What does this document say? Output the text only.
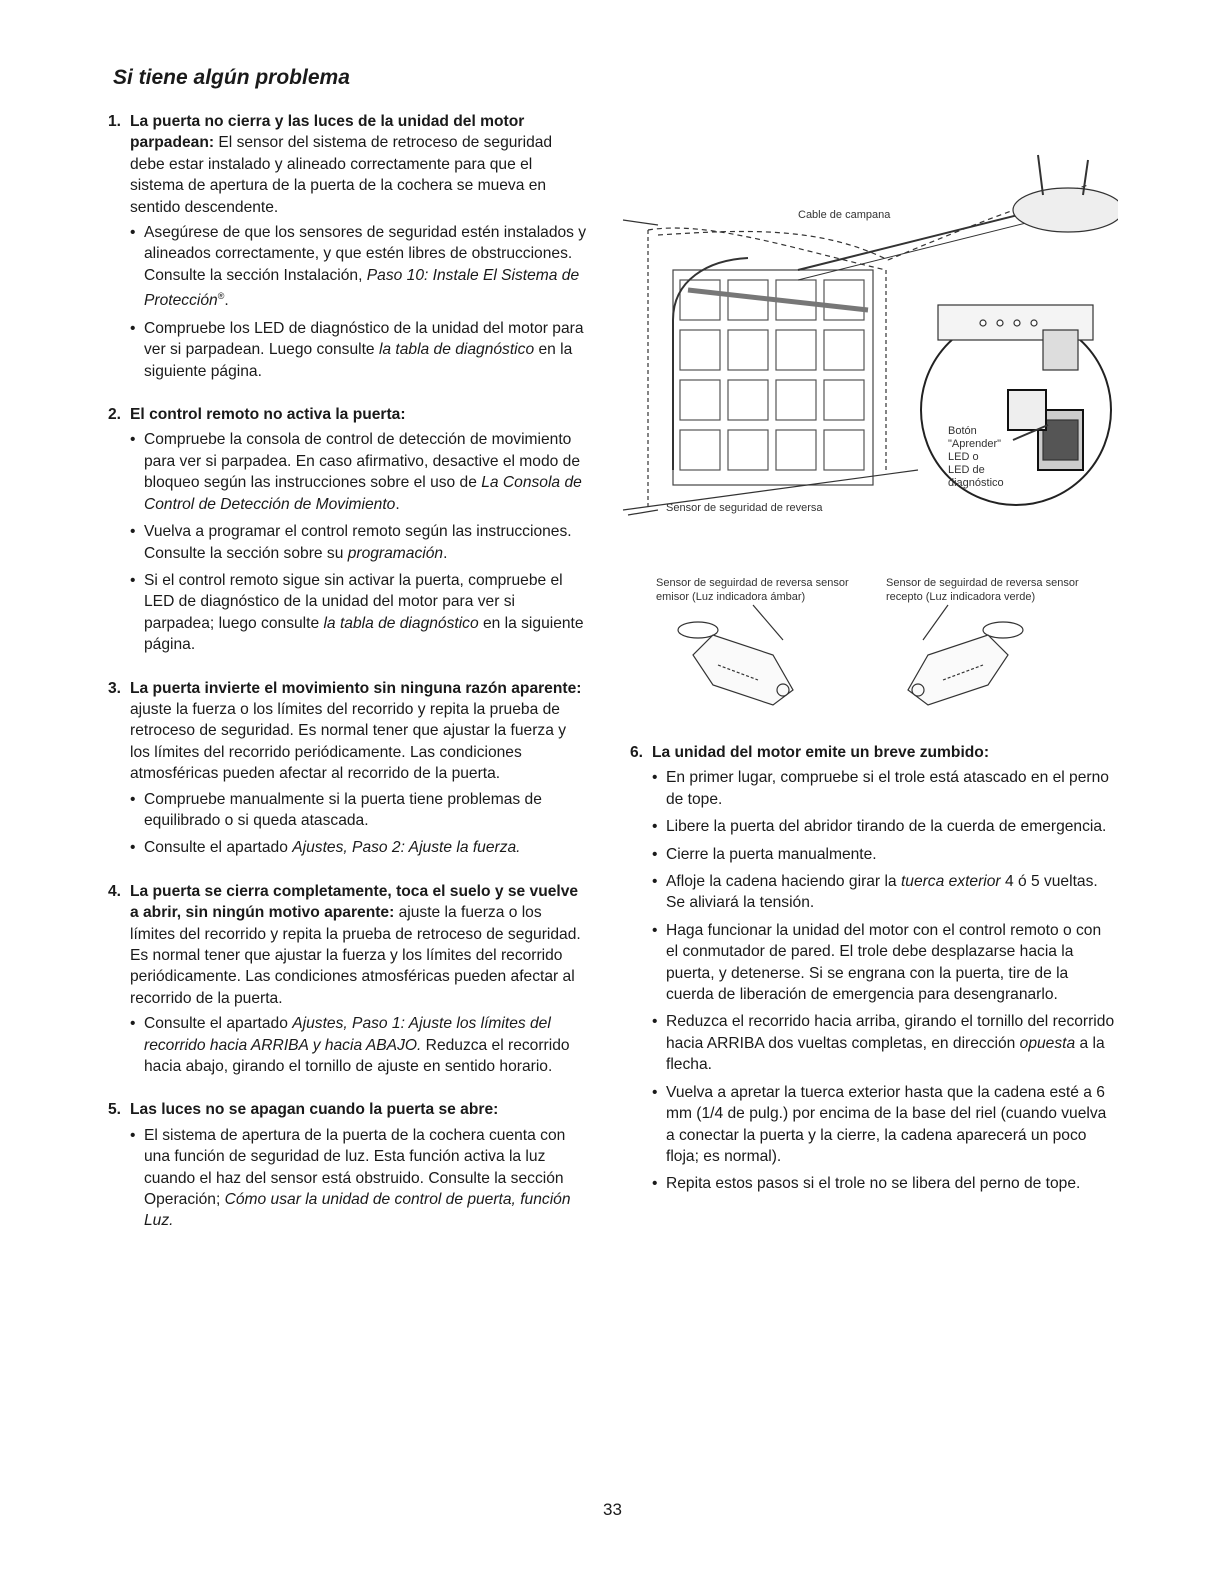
Si tiene algún problema
1. La puerta no cierra y las luces de la unidad del motor parpadean: El sensor del sistema de retroceso de seguridad debe estar instalado y alineado correctamente para que el sistema de apertura de la puerta de la cochera se mueva en sentido descendente.
• Asegúrese de que los sensores de seguridad estén instalados y alineados correctamente, y que estén libres de obstrucciones. Consulte la sección Instalación, Paso 10: Instale El Sistema de Protección®.
• Compruebe los LED de diagnóstico de la unidad del motor para ver si parpadean. Luego consulte la tabla de diagnóstico en la siguiente página.
2. El control remoto no activa la puerta:
• Compruebe la consola de control de detección de movimiento para ver si parpadea. En caso afirmativo, desactive el modo de bloqueo según las instrucciones sobre el uso de La Consola de Control de Detección de Movimiento.
• Vuelva a programar el control remoto según las instrucciones. Consulte la sección sobre su programación.
• Si el control remoto sigue sin activar la puerta, compruebe el LED de diagnóstico de la unidad del motor para ver si parpadea; luego consulte la tabla de diagnóstico en la siguiente página.
3. La puerta invierte el movimiento sin ninguna razón aparente: ajuste la fuerza o los límites del recorrido y repita la prueba de retroceso de seguridad. Es normal tener que ajustar la fuerza y los límites del recorrido periódicamente. Las condiciones atmosféricas pueden afectar al recorrido de la puerta.
• Compruebe manualmente si la puerta tiene problemas de equilibrado o si queda atascada.
• Consulte el apartado Ajustes, Paso 2: Ajuste la fuerza.
4. La puerta se cierra completamente, toca el suelo y se vuelve a abrir, sin ningún motivo aparente: ajuste la fuerza o los límites del recorrido y repita la prueba de retroceso de seguridad. Es normal tener que ajustar la fuerza y los límites del recorrido periódicamente. Las condiciones atmosféricas pueden afectar al recorrido de la puerta.
• Consulte el apartado Ajustes, Paso 1: Ajuste los límites del recorrido hacia ARRIBA y hacia ABAJO. Reduzca el recorrido hacia abajo, girando el tornillo de ajuste en sentido horario.
5. Las luces no se apagan cuando la puerta se abre:
• El sistema de apertura de la puerta de la cochera cuenta con una función de seguridad de luz. Esta función activa la luz cuando el haz del sensor está obstruido. Consulte la sección Operación; Cómo usar la unidad de control de puerta, función Luz.
6. La unidad del motor emite un breve zumbido:
• En primer lugar, compruebe si el trole está atascado en el perno de tope.
• Libere la puerta del abridor tirando de la cuerda de emergencia.
• Cierre la puerta manualmente.
• Afloje la cadena haciendo girar la tuerca exterior 4 ó 5 vueltas. Se aliviará la tensión.
• Haga funcionar la unidad del motor con el control remoto o con el conmutador de pared. El trole debe desplazarse hacia la puerta, y detenerse. Si se engrana con la puerta, tire de la cuerda de liberación de emergencia para desengranarlo.
• Reduzca el recorrido hacia arriba, girando el tornillo del recorrido hacia ARRIBA dos vueltas completas, en dirección opuesta a la flecha.
• Vuelva a apretar la tuerca exterior hasta que la cadena esté a 6 mm (1/4 de pulg.) por encima de la base del riel (cuando vuelva a conectar la puerta y la cierre, la cadena aparecerá un poco floja; es normal).
• Repita estos pasos si el trole no se libera del perno de tope.
Cable de campana
Sensor de seguridad de reversa
Botón
"Aprender"
LED o
LED de
diagnóstico
Sensor de seguirdad de reversa sensor
emisor (Luz indicadora ámbar)
Sensor de seguirdad de reversa sensor
recepto (Luz indicadora verde)
33
